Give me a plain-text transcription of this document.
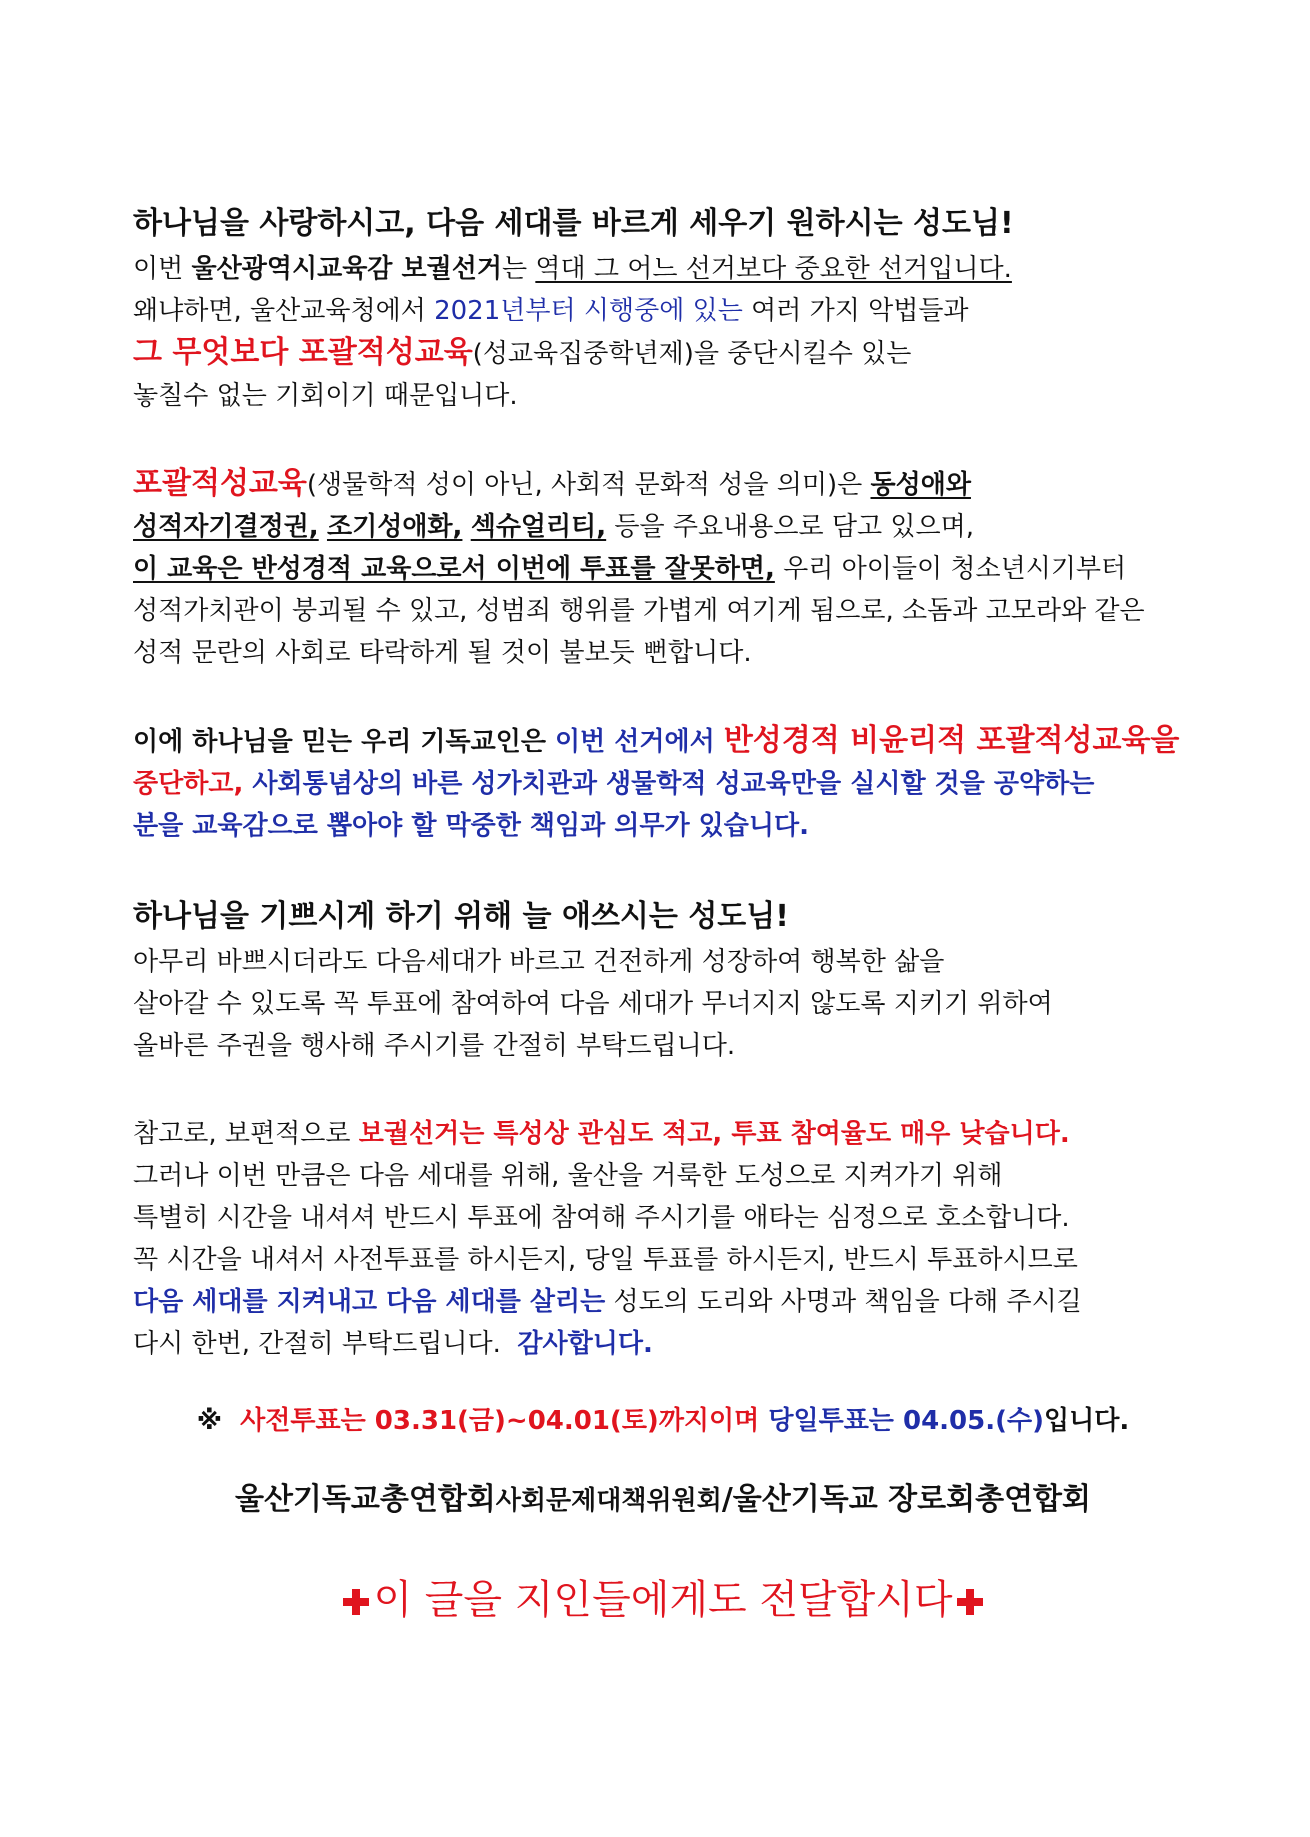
하나님을 사랑하시고, 다음 세대를 바르게 세우기 원하시는 성도님!
이번 울산광역시교육감 보궐선거는 역대 그 어느 선거보다 중요한 선거입니다.
왜냐하면, 울산교육청에서 2021년부터 시행중에 있는 여러 가지 악법들과
그 무엇보다 포괄적성교육(성교육집중학년제)을 중단시킬수 있는
놓칠수 없는 기회이기 때문입니다.
포괄적성교육(생물학적 성이 아닌, 사회적 문화적 성을 의미)은 동성애와
성적자기결정권, 조기성애화, 섹슈얼리티, 등을 주요내용으로 담고 있으며,
이 교육은 반성경적 교육으로서 이번에 투표를 잘못하면, 우리 아이들이 청소년시기부터
성적가치관이 붕괴될 수 있고, 성범죄 행위를 가볍게 여기게 됨으로, 소돔과 고모라와 같은
성적 문란의 사회로 타락하게 될 것이 불보듯 뻔합니다.
이에 하나님을 믿는 우리 기독교인은 이번 선거에서 반성경적 비윤리적 포괄적성교육을
중단하고, 사회통념상의 바른 성가치관과 생물학적 성교육만을 실시할 것을 공약하는
분을 교육감으로 뽑아야 할 막중한 책임과 의무가 있습니다.
하나님을 기쁘시게 하기 위해 늘 애쓰시는 성도님!
아무리 바쁘시더라도 다음세대가 바르고 건전하게 성장하여 행복한 삶을
살아갈 수 있도록 꼭 투표에 참여하여 다음 세대가 무너지지 않도록 지키기 위하여
올바른 주권을 행사해 주시기를 간절히 부탁드립니다.
참고로, 보편적으로 보궐선거는 특성상 관심도 적고, 투표 참여율도 매우 낮습니다.
그러나 이번 만큼은 다음 세대를 위해, 울산을 거룩한 도성으로 지켜가기 위해
특별히 시간을 내셔셔 반드시 투표에 참여해 주시기를 애타는 심정으로 호소합니다.
꼭 시간을 내셔서 사전투표를 하시든지, 당일 투표를 하시든지, 반드시 투표하시므로
다음 세대를 지켜내고 다음 세대를 살리는 성도의 도리와 사명과 책임을 다해 주시길
다시 한번, 간절히 부탁드립니다.  감사합니다.
※ 사전투표는 03.31(금)~04.01(토)까지이며 당일투표는 04.05.(수)입니다.
울산기독교총연합회사회문제대책위원회/울산기독교 장로회총연합회
이 글을 지인들에게도 전달합시다
